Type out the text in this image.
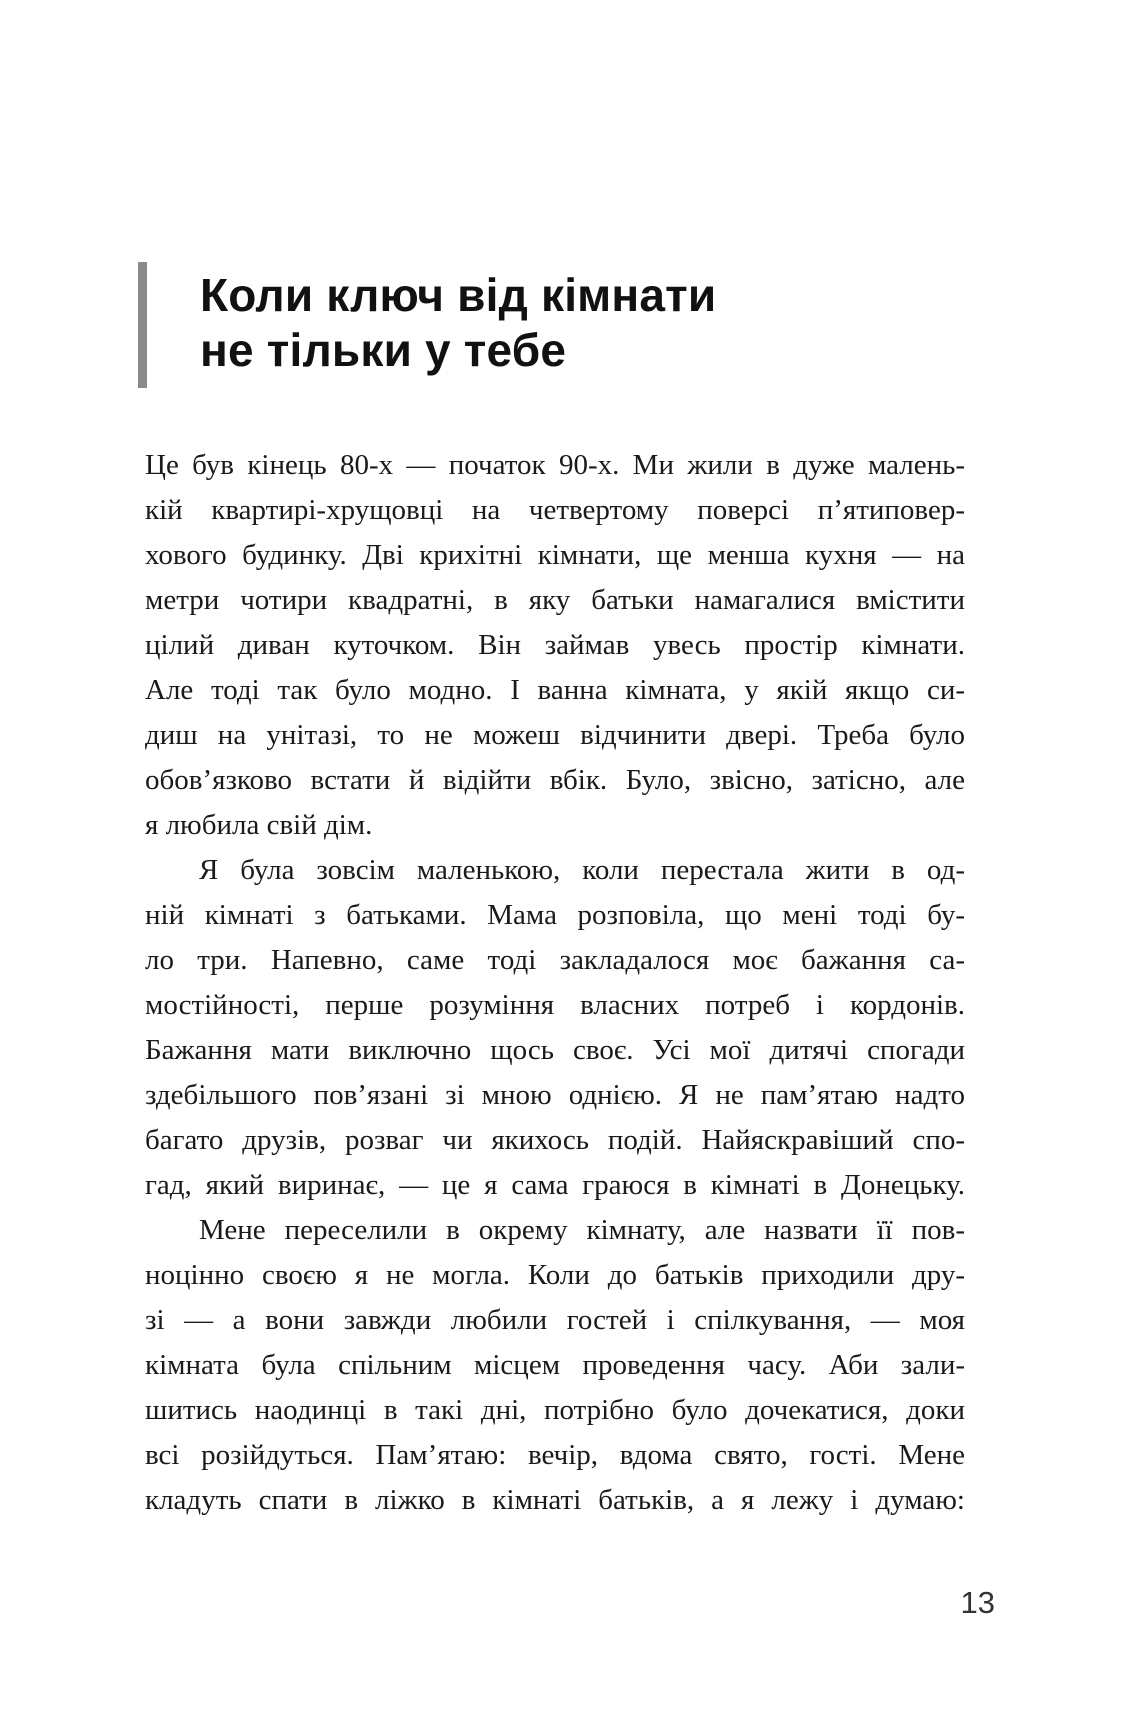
Коли ключ від кімнати
не тільки у тебе
Це був кінець 80-х — початок 90-х. Ми жили в дуже малень-
кій квартирі-хрущовці на четвертому поверсі п’ятиповер-
хового будинку. Дві крихітні кімнати, ще менша кухня — на
метри чотири квадратні, в яку батьки намагалися вмістити
цілий диван куточком. Він займав увесь простір кімнати.
Але тоді так було модно. І ванна кімната, у якій якщо си-
диш на унітазі, то не можеш відчинити двері. Треба було
обов’язково встати й відійти вбік. Було, звісно, затісно, але
я любила свій дім.
Я була зовсім маленькою, коли перестала жити в од-
ній кімнаті з батьками. Мама розповіла, що мені тоді бу-
ло три. Напевно, саме тоді закладалося моє бажання са-
мостійності, перше розуміння власних потреб і кордонів.
Бажання мати виключно щось своє. Усі мої дитячі спогади
здебільшого пов’язані зі мною однією. Я не пам’ятаю надто
багато друзів, розваг чи якихось подій. Найяскравіший спо-
гад, який виринає, — це я сама граюся в кімнаті в Донецьку.
Мене переселили в окрему кімнату, але назвати її пов-
ноцінно своєю я не могла. Коли до батьків приходили дру-
зі — а вони завжди любили гостей і спілкування, — моя
кімната була спільним місцем проведення часу. Аби зали-
шитись наодинці в такі дні, потрібно було дочекатися, доки
всі розійдуться. Пам’ятаю: вечір, вдома свято, гості. Мене
кладуть спати в ліжко в кімнаті батьків, а я лежу і думаю:
13
